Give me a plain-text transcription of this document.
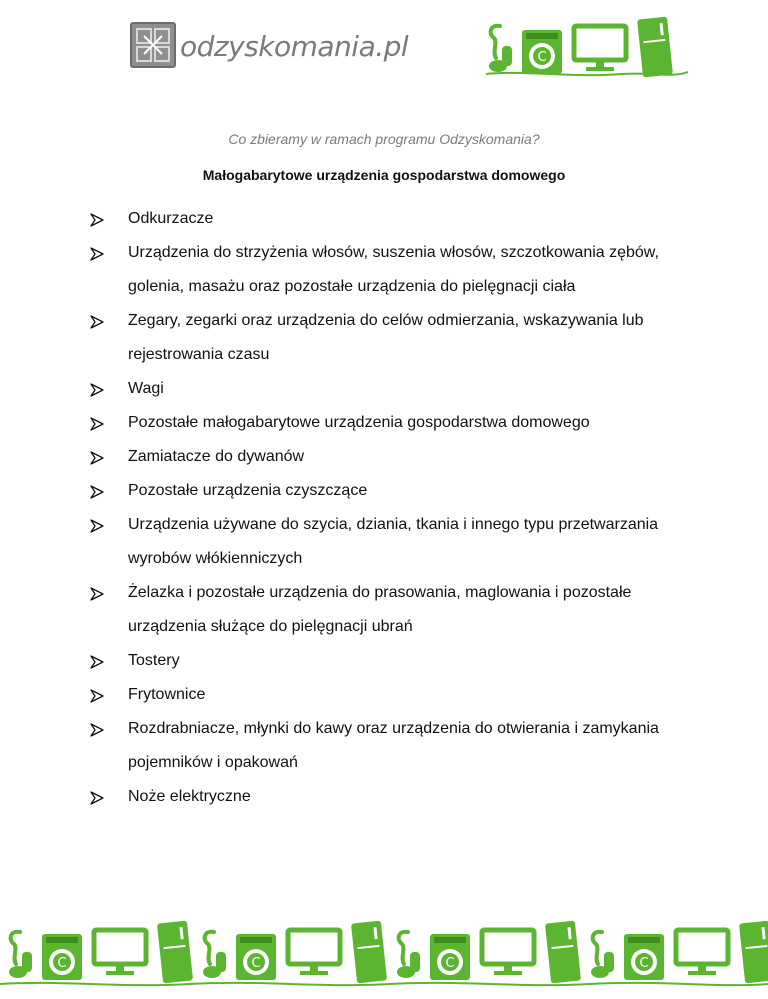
odzyskomania.pl	C
Co zbieramy w ramach programu Odzyskomania?
Małogabarytowe urządzenia gospodarstwa domowego
Odkurzacze
Urządzenia do strzyżenia włosów, suszenia włosów, szczotkowania zębów, golenia, masażu oraz pozostałe urządzenia do pielęgnacji ciała
Zegary, zegarki oraz urządzenia do celów odmierzania, wskazywania lub rejestrowania czasu
Wagi
Pozostałe małogabarytowe urządzenia gospodarstwa domowego
Zamiatacze do dywanów
Pozostałe urządzenia czyszczące
Urządzenia używane do szycia, dziania, tkania i innego typu przetwarzania wyrobów włókienniczych
Żelazka i pozostałe urządzenia do prasowania, maglowania i pozostałe urządzenia służące do pielęgnacji ubrań
Tostery
Frytownice
Rozdrabniacze, młynki do kawy oraz urządzenia do otwierania i zamykania pojemników i opakowań
Noże elektryczne
